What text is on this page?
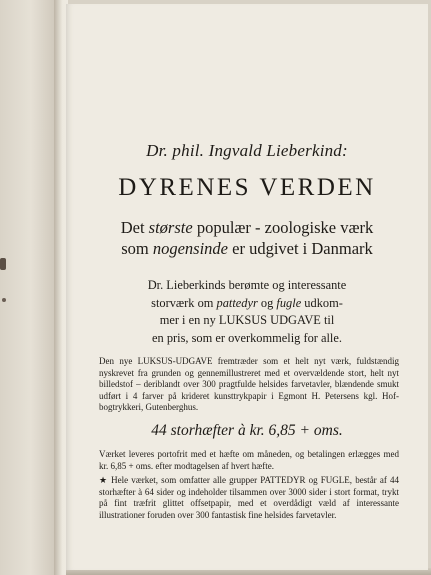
Dr. phil. Ingvald Lieberkind:
DYRENES VERDEN
Det største populær - zoologiske værk
som nogensinde er udgivet i Danmark
Dr. Lieberkinds berømte og interessante
storværk om pattedyr og fugle udkom-
mer i en ny LUKSUS UDGAVE til
en pris, som er overkommelig for alle.
Den nye LUKSUS-UDGAVE fremtræder som et helt nyt værk, fuldstændig nyskrevet fra grunden og gennemillustreret med et overvældende stort, helt nyt billedstof – deriblandt over 300 pragtfulde helsides farvetavler, blændende smukt udført i 4 farver på krideret kunsttrykpapir i Egmont H. Petersens kgl. Hof-bogtrykkeri, Gutenberghus.
44 storhæfter à kr. 6,85 + oms.
Værket leveres portofrit med et hæfte om måneden, og betalingen erlægges med kr. 6,85 + oms. efter modtagelsen af hvert hæfte.
★ Hele værket, som omfatter alle grupper PATTEDYR og FUGLE, består af 44 storhæfter à 64 sider og indeholder tilsammen over 3000 sider i stort format, trykt på fint træfrit glittet offsetpapir, med et overdådigt væld af interessante illustrationer foruden over 300 fantastisk fine helsides farvetavler.
